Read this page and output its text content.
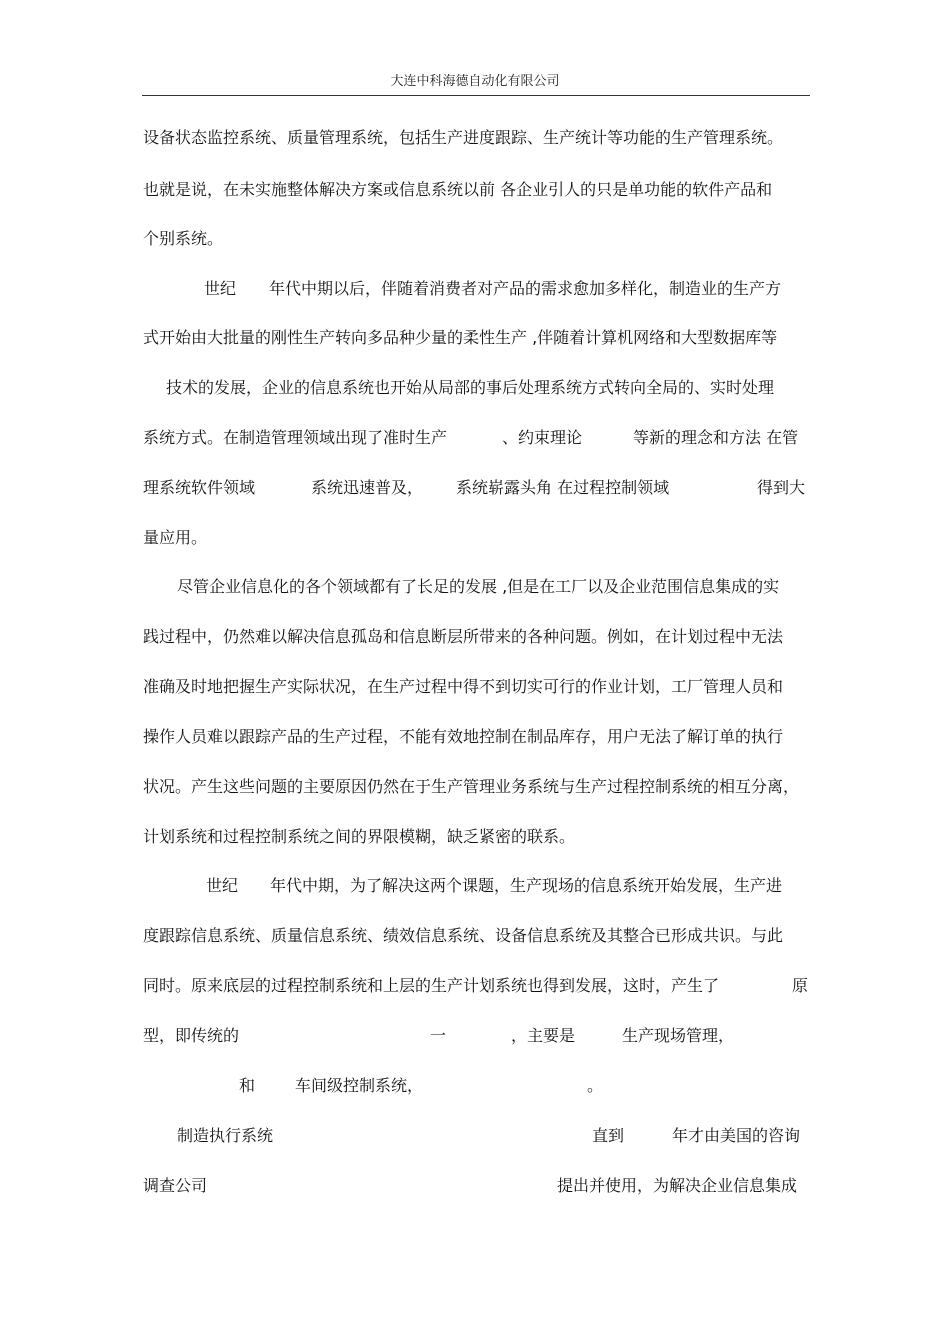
大连中科海德自动化有限公司
设备状态监控系统、质量管理系统，包括生产进度跟踪、生产统计等功能的生产管理系统。
也就是说，在未实施整体解决方案或信息系统以前 各企业引人的只是单功能的软件产品和
个别系统。
世纪 年代中期以后，伴随着消费者对产品的需求愈加多样化，制造业的生产方
式开始由大批量的刚性生产转向多品种少量的柔性生产 ,伴随着计算机网络和大型数据库等
技术的发展，企业的信息系统也开始从局部的事后处理系统方式转向全局的、实时处理
系统方式。在制造管理领域出现了准时生产	、约束理论	等新的理念和方法 在管
理系统软件领域	系统迅速普及， 系统崭露头角 在过程控制领域	得到大
量应用。
尽管企业信息化的各个领域都有了长足的发展 ,但是在工厂以及企业范围信息集成的实
践过程中，仍然难以解决信息孤岛和信息断层所带来的各种问题。例如，在计划过程中无法
准确及时地把握生产实际状况，在生产过程中得不到切实可行的作业计划，工厂管理人员和
操作人员难以跟踪产品的生产过程，不能有效地控制在制品库存，用户无法了解订单的执行
状况。产生这些问题的主要原因仍然在于生产管理业务系统与生产过程控制系统的相互分离，
计划系统和过程控制系统之间的界限模糊，缺乏紧密的联系。
世纪 年代中期，为了解决这两个课题，生产现场的信息系统开始发展，生产进
度跟踪信息系统、质量信息系统、绩效信息系统、设备信息系统及其整合已形成共识。与此
同时。原来底层的过程控制系统和上层的生产计划系统也得到发展，这时，产生了	原
型，即传统的	一	，主要是	生产现场管理，
和 车间级控制系统，	。
制造执行系统	直到	年才由美国的咨询
调查公司	提出并使用，为解决企业信息集成
